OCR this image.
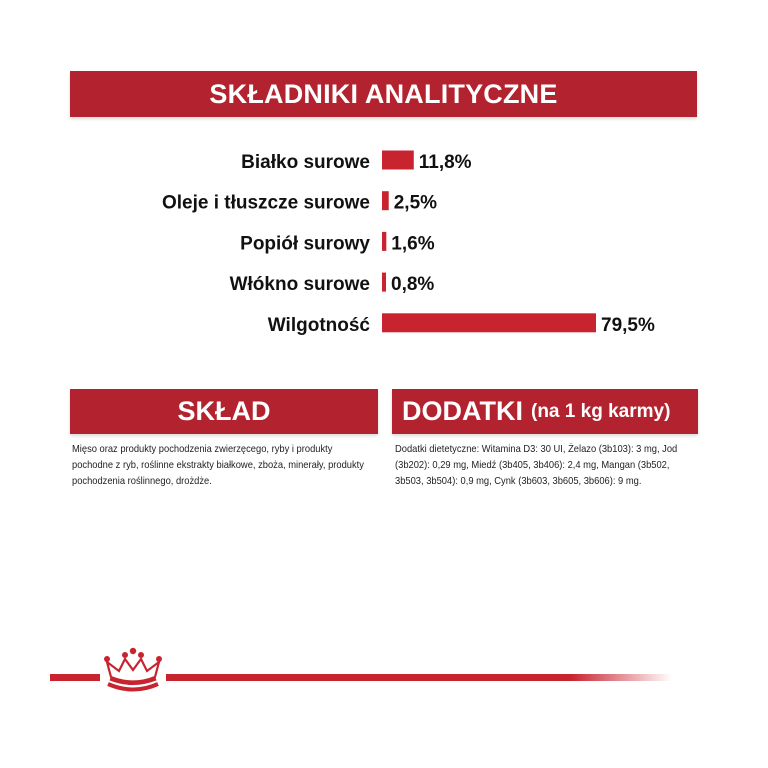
SKŁADNIKI ANALITYCZNE
Białko surowe	11,8%
Oleje i tłuszcze surowe 2,5%
Popiół surowy 1,6%
Włókno surowe 0,8%
Wilgotność	79,5%
SKŁAD	DODATKI (na 1 kg karmy)

Mięso oraz produkty pochodzenia zwierzęcego, ryby i produkty pochodne z ryb, roślinne ekstrakty białkowe, zboża, minerały, produkty pochodzenia roślinnego, drożdże.

Dodatki dietetyczne: Witamina D3: 30 UI, Żelazo (3b103): 3 mg, Jod (3b202): 0,29 mg, Miedź (3b405, 3b406): 2,4 mg, Mangan (3b502, 3b503, 3b504): 0,9 mg, Cynk (3b603, 3b605, 3b606): 9 mg.
